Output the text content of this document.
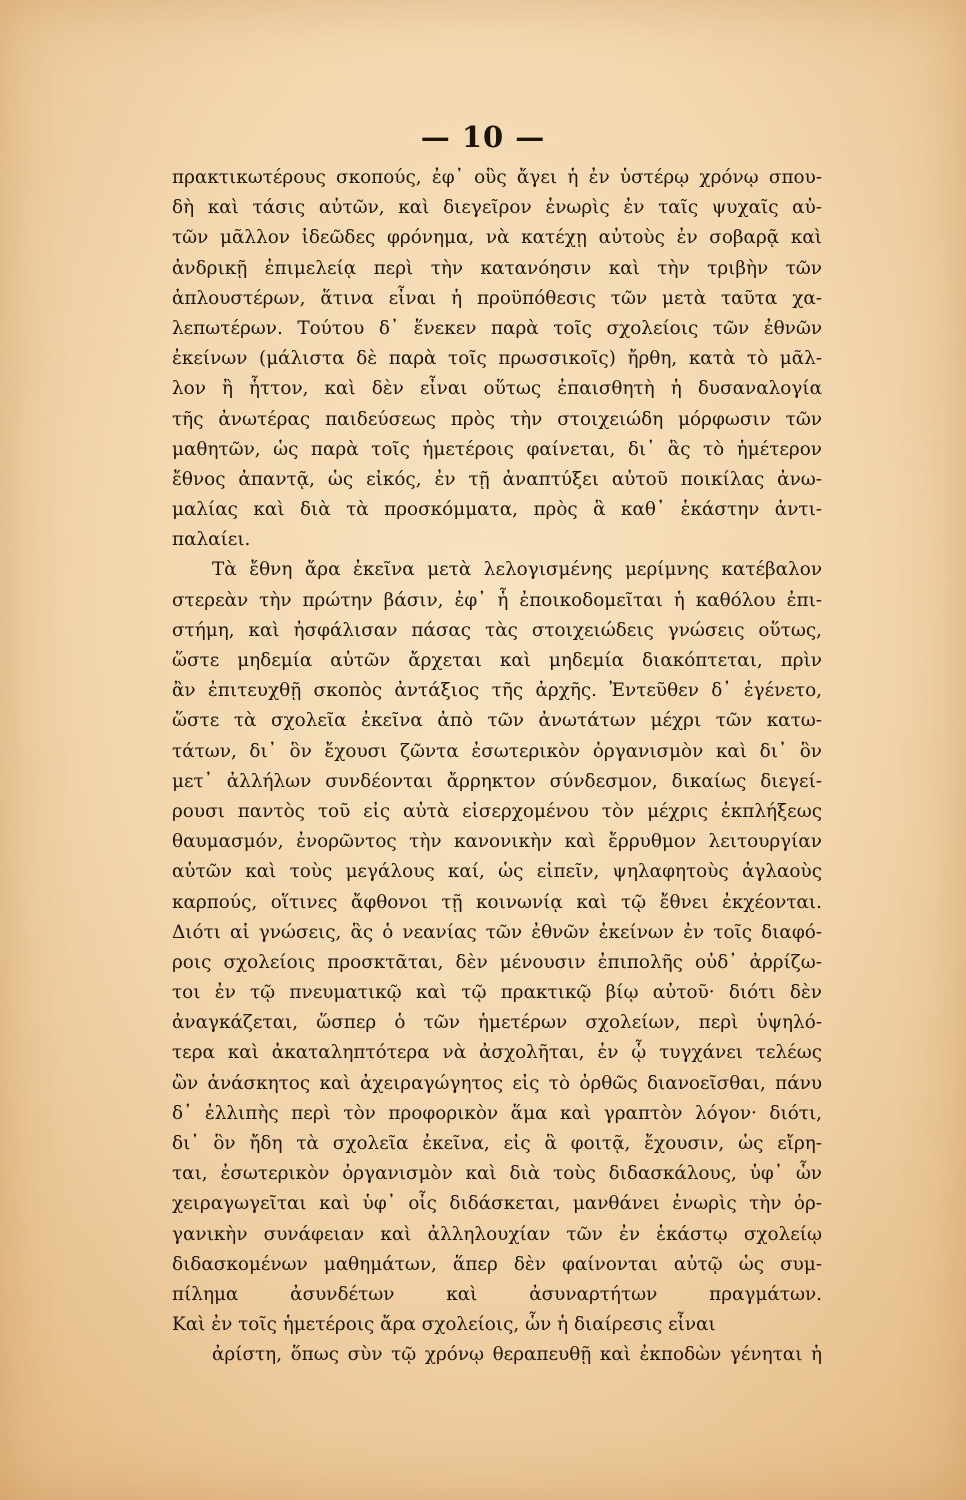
— 10 —
πρακτικωτέρους σκοπούς, ἐφ᾽ οὓς ἄγει ἡ ἐν ὑστέρῳ χρόνῳ σπου-
δὴ καὶ τάσις αὐτῶν, καὶ διεγεῖρον ἐνωρὶς ἐν ταῖς ψυχαῖς αὐ-
τῶν μᾶλλον ἰδεῶδες φρόνημα, νὰ κατέχῃ αὐτοὺς ἐν σοβαρᾷ καὶ
ἀνδρικῇ ἐπιμελείᾳ περὶ τὴν κατανόησιν καὶ τὴν τριβὴν τῶν
ἁπλουστέρων, ἅτινα εἶναι ἡ προϋπόθεσις τῶν μετὰ ταῦτα χα-
λεπωτέρων. Τούτου δ᾽ ἕνεκεν παρὰ τοῖς σχολείοις τῶν ἐθνῶν
ἐκείνων (μάλιστα δὲ παρὰ τοῖς πρωσσικοῖς) ἤρθη, κατὰ τὸ μᾶλ-
λον ἢ ἧττον, καὶ δὲν εἶναι οὕτως ἐπαισθητὴ ἡ δυσαναλογία
τῆς ἀνωτέρας παιδεύσεως πρὸς τὴν στοιχειώδη μόρφωσιν τῶν
μαθητῶν, ὡς παρὰ τοῖς ἡμετέροις φαίνεται, δι᾽ ἃς τὸ ἡμέτερον
ἔθνος ἀπαντᾷ, ὡς εἰκός, ἐν τῇ ἀναπτύξει αὐτοῦ ποικίλας ἀνω-
μαλίας καὶ διὰ τὰ προσκόμματα, πρὸς ἃ καθ᾽ ἑκάστην ἀντι-
παλαίει.
Τὰ ἔθνη ἄρα ἐκεῖνα μετὰ λελογισμένης μερίμνης κατέβαλον
στερεὰν τὴν πρώτην βάσιν, ἐφ᾽ ἧ ἐποικοδομεῖται ἡ καθόλου ἐπι-
στήμη, καὶ ἠσφάλισαν πάσας τὰς στοιχειώδεις γνώσεις οὕτως,
ὥστε μηδεμία αὐτῶν ἄρχεται καὶ μηδεμία διακόπτεται, πρὶν
ἂν ἐπιτευχθῇ σκοπὸς ἀντάξιος τῆς ἀρχῆς. Ἐντεῦθεν δ᾽ ἐγένετο,
ὥστε τὰ σχολεῖα ἐκεῖνα ἀπὸ τῶν ἀνωτάτων μέχρι τῶν κατω-
τάτων, δι᾽ ὃν ἔχουσι ζῶντα ἐσωτερικὸν ὀργανισμὸν καὶ δι᾽ ὃν
μετ᾽ ἀλλήλων συνδέονται ἄρρηκτον σύνδεσμον, δικαίως διεγεί-
ρουσι παντὸς τοῦ εἰς αὐτὰ εἰσερχομένου τὸν μέχρις ἐκπλήξεως
θαυμασμόν, ἐνορῶντος τὴν κανονικὴν καὶ ἔρρυθμον λειτουργίαν
αὐτῶν καὶ τοὺς μεγάλους καί, ὡς εἰπεῖν, ψηλαφητοὺς ἀγλαοὺς
καρπούς, οἵτινες ἄφθονοι τῇ κοινωνίᾳ καὶ τῷ ἔθνει ἐκχέονται.
Διότι αἱ γνώσεις, ἃς ὁ νεανίας τῶν ἐθνῶν ἐκείνων ἐν τοῖς διαφό-
ροις σχολείοις προσκτᾶται, δὲν μένουσιν ἐπιπολῆς οὐδ᾽ ἀρρίζω-
τοι ἐν τῷ πνευματικῷ καὶ τῷ πρακτικῷ βίῳ αὐτοῦ· διότι δὲν
ἀναγκάζεται, ὥσπερ ὁ τῶν ἡμετέρων σχολείων, περὶ ὑψηλό-
τερα καὶ ἀκαταληπτότερα νὰ ἀσχολῆται, ἐν ᾧ τυγχάνει τελέως
ὢν ἀνάσκητος καὶ ἀχειραγώγητος εἰς τὸ ὀρθῶς διανοεῖσθαι, πάνυ
δ᾽ ἐλλιπὴς περὶ τὸν προφορικὸν ἅμα καὶ γραπτὸν λόγον· διότι,
δι᾽ ὃν ἤδη τὰ σχολεῖα ἐκεῖνα, εἰς ἃ φοιτᾷ, ἔχουσιν, ὡς εἴρη-
ται, ἐσωτερικὸν ὀργανισμὸν καὶ διὰ τοὺς διδασκάλους, ὑφ᾽ ὧν
χειραγωγεῖται καὶ ὑφ᾽ οἷς διδάσκεται, μανθάνει ἐνωρὶς τὴν ὀρ-
γανικὴν συνάφειαν καὶ ἀλληλουχίαν τῶν ἐν ἑκάστῳ σχολείῳ
διδασκομένων μαθημάτων, ἅπερ δὲν φαίνονται αὐτῷ ὡς συμ-
πίλημα ἀσυνδέτων καὶ ἀσυναρτήτων πραγμάτων.
Καὶ ἐν τοῖς ἡμετέροις ἄρα σχολείοις, ὧν ἡ διαίρεσις εἶναι
ἀρίστη, ὅπως σὺν τῷ χρόνῳ θεραπευθῇ καὶ ἐκποδὼν γένηται ἡ
